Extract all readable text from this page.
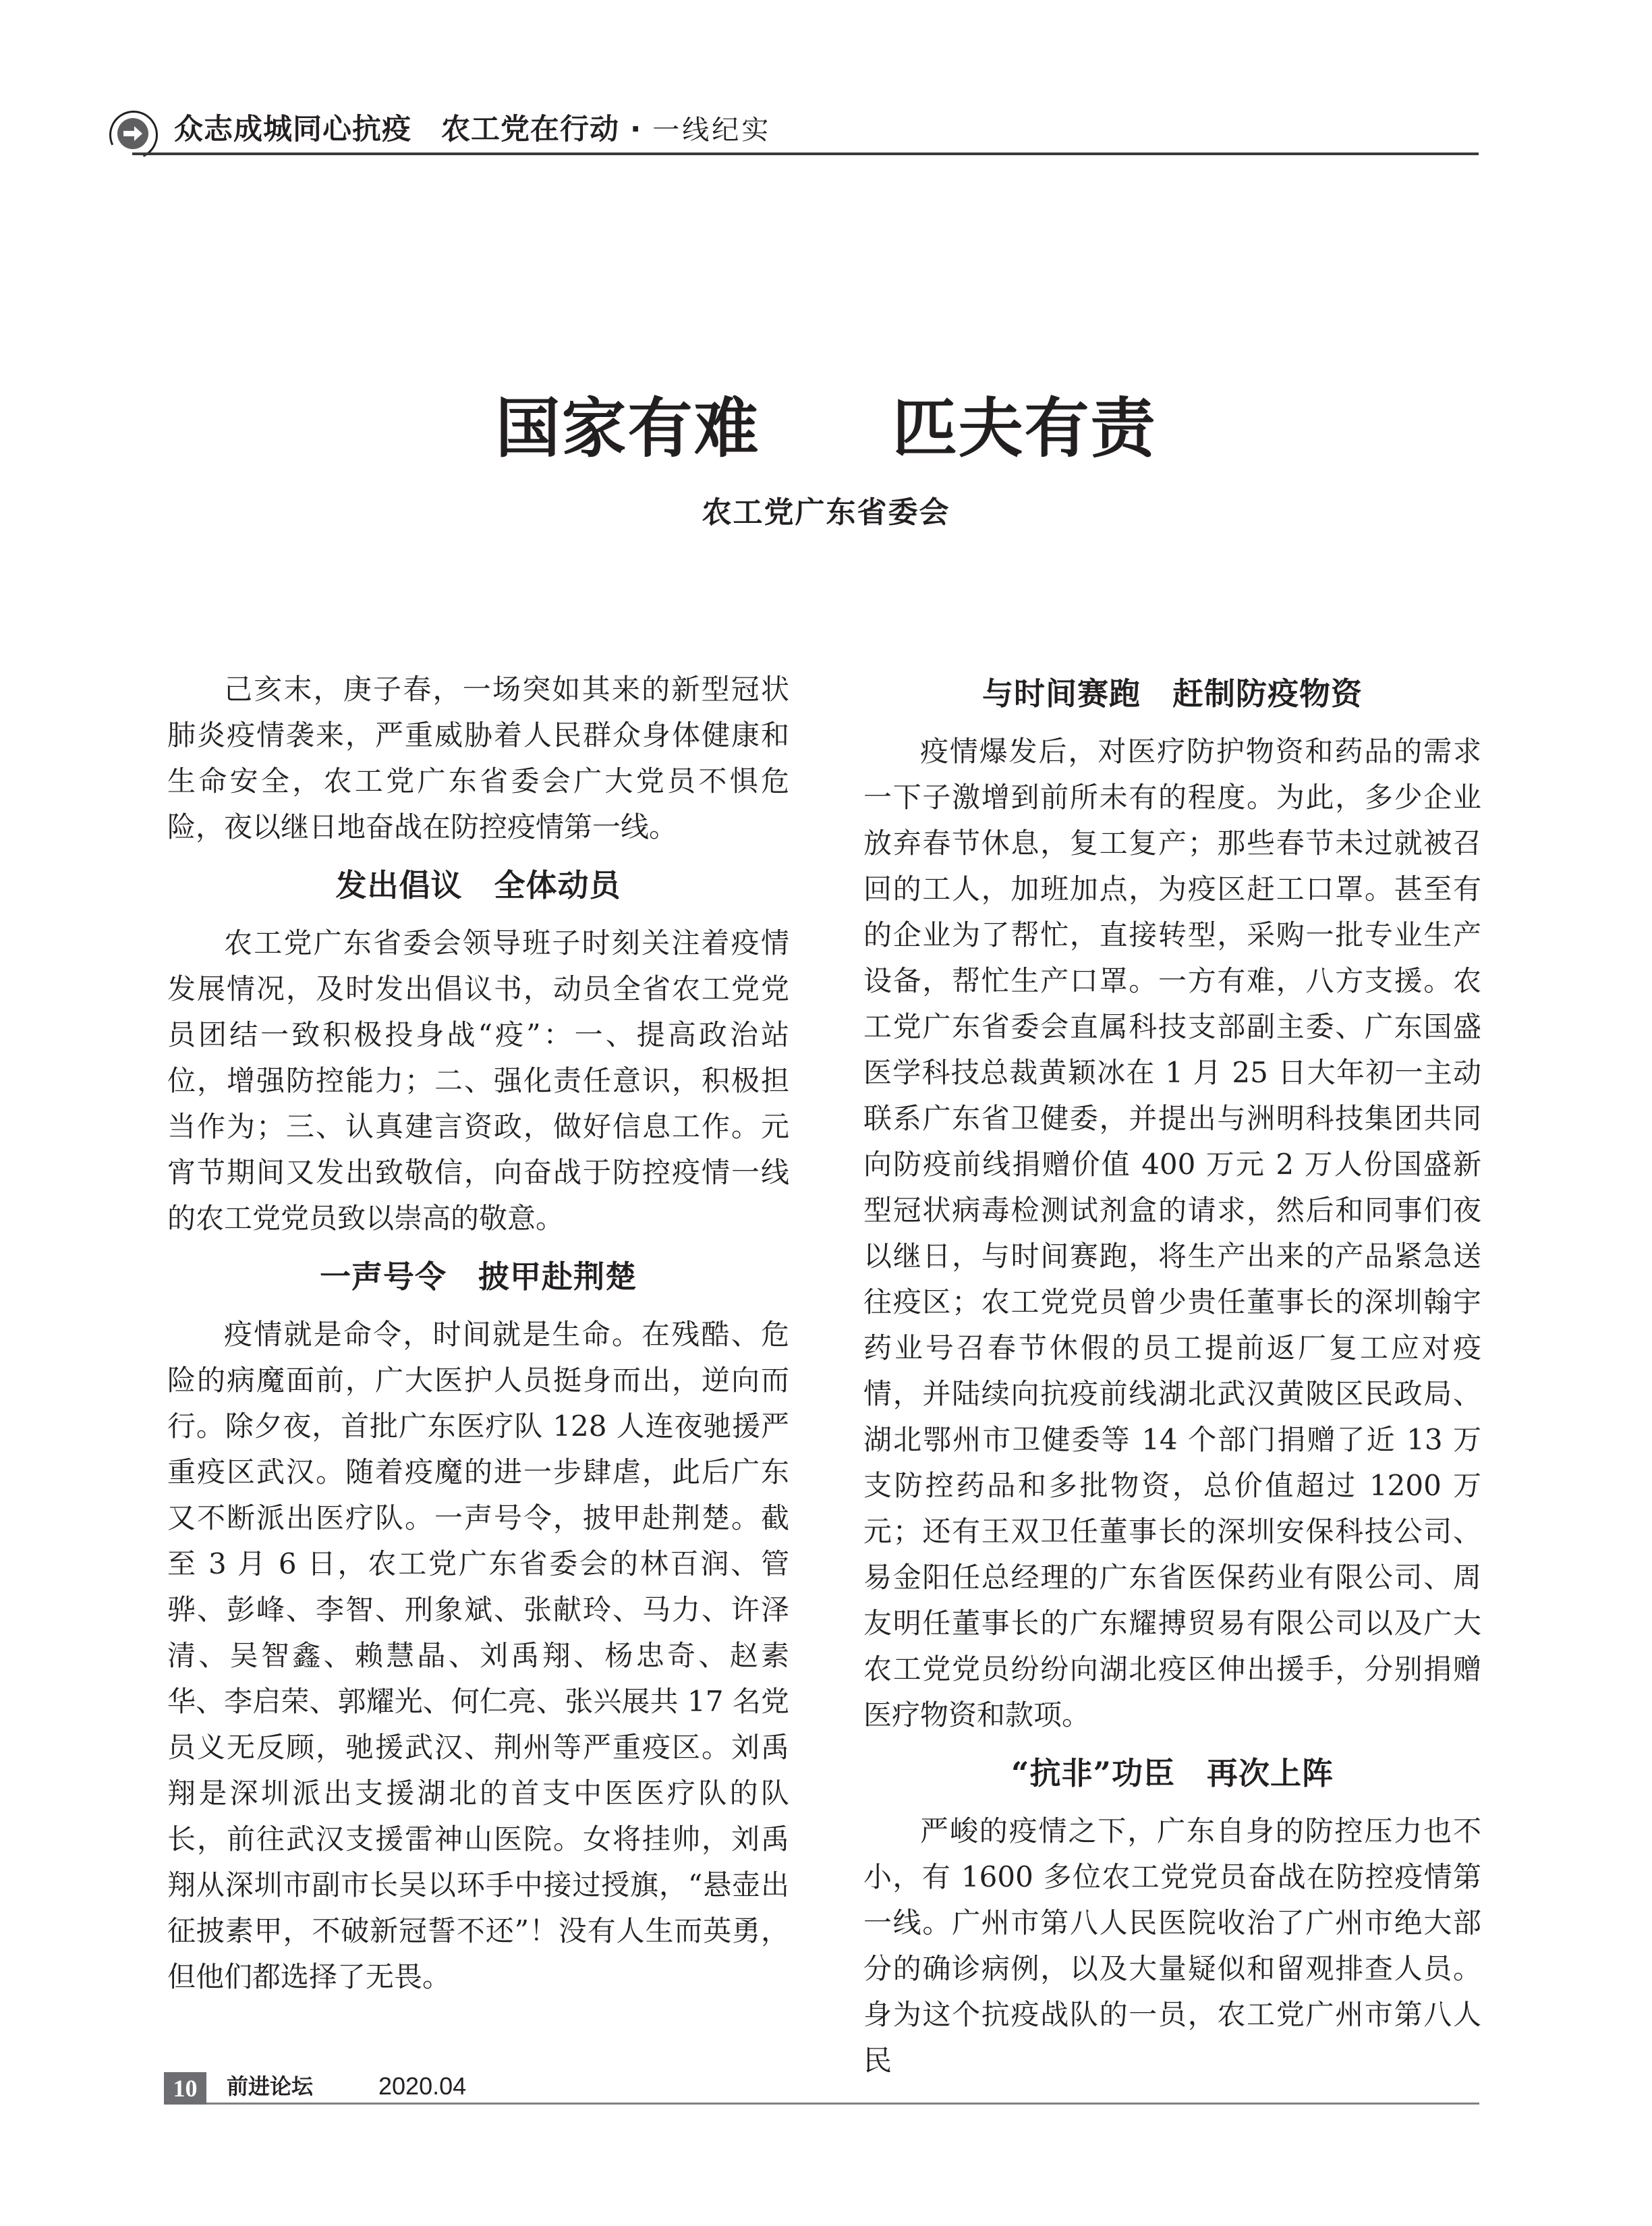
众志成城同心抗疫　农工党在行动 · 一线纪实
国家有难　　匹夫有责
农工党广东省委会

己亥末，庚子春，一场突如其来的新型冠状肺炎疫情袭来，严重威胁着人民群众身体健康和生命安全，农工党广东省委会广大党员不惧危险，夜以继日地奋战在防控疫情第一线。

发出倡议　全体动员

农工党广东省委会领导班子时刻关注着疫情发展情况，及时发出倡议书，动员全省农工党党员团结一致积极投身战“疫”：一、提高政治站位，增强防控能力；二、强化责任意识，积极担当作为；三、认真建言资政，做好信息工作。元宵节期间又发出致敬信，向奋战于防控疫情一线的农工党党员致以崇高的敬意。

一声号令　披甲赴荆楚

疫情就是命令，时间就是生命。在残酷、危险的病魔面前，广大医护人员挺身而出，逆向而行。除夕夜，首批广东医疗队 128 人连夜驰援严重疫区武汉。随着疫魔的进一步肆虐，此后广东又不断派出医疗队。一声号令，披甲赴荆楚。截至 3 月 6 日，农工党广东省委会的林百润、管骅、彭峰、李智、刑象斌、张献玲、马力、许泽清、吴智鑫、赖慧晶、刘禹翔、杨忠奇、赵素华、李启荣、郭耀光、何仁亮、张兴展共 17 名党员义无反顾，驰援武汉、荆州等严重疫区。刘禹翔是深圳派出支援湖北的首支中医医疗队的队长，前往武汉支援雷神山医院。女将挂帅，刘禹翔从深圳市副市长吴以环手中接过授旗，“悬壶出征披素甲，不破新冠誓不还”！没有人生而英勇，但他们都选择了无畏。

与时间赛跑　赶制防疫物资

疫情爆发后，对医疗防护物资和药品的需求一下子激增到前所未有的程度。为此，多少企业放弃春节休息，复工复产；那些春节未过就被召回的工人，加班加点，为疫区赶工口罩。甚至有的企业为了帮忙，直接转型，采购一批专业生产设备，帮忙生产口罩。一方有难，八方支援。农工党广东省委会直属科技支部副主委、广东国盛医学科技总裁黄颖冰在 1 月 25 日大年初一主动联系广东省卫健委，并提出与洲明科技集团共同向防疫前线捐赠价值 400 万元 2 万人份国盛新型冠状病毒检测试剂盒的请求，然后和同事们夜以继日，与时间赛跑，将生产出来的产品紧急送往疫区；农工党党员曾少贵任董事长的深圳翰宇药业号召春节休假的员工提前返厂复工应对疫情，并陆续向抗疫前线湖北武汉黄陂区民政局、湖北鄂州市卫健委等 14 个部门捐赠了近 13 万支防控药品和多批物资，总价值超过 1200 万元；还有王双卫任董事长的深圳安保科技公司、易金阳任总经理的广东省医保药业有限公司、周友明任董事长的广东耀搏贸易有限公司以及广大农工党党员纷纷向湖北疫区伸出援手，分别捐赠医疗物资和款项。

“抗非”功臣　再次上阵

严峻的疫情之下，广东自身的防控压力也不小，有 1600 多位农工党党员奋战在防控疫情第一线。广州市第八人民医院收治了广州市绝大部分的确诊病例，以及大量疑似和留观排查人员。身为这个抗疫战队的一员，农工党广州市第八人民

10	前进论坛	2020.04
